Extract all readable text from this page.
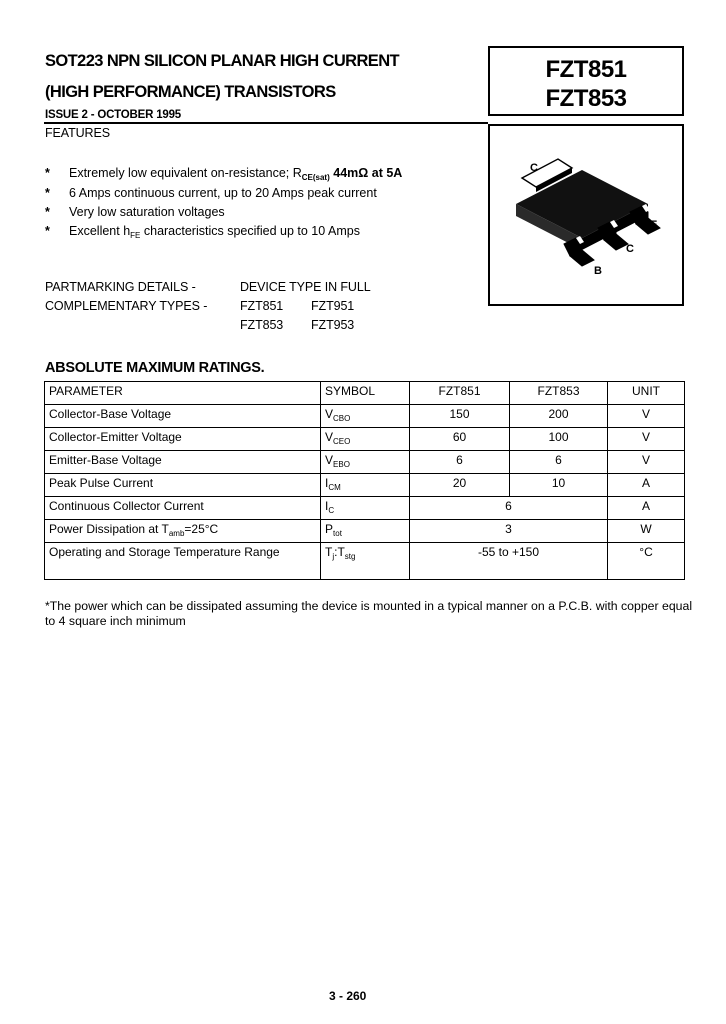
SOT223 NPN SILICON PLANAR HIGH CURRENT
(HIGH PERFORMANCE) TRANSISTORS
ISSUE 2 - OCTOBER 1995
FEATURES
FZT851
FZT853
* Extremely low equivalent on-resistance; $R_{CE(sat)}$ 44mΩ at 5A
* 6 Amps continuous current, up to 20 Amps peak current
* Very low saturation voltages
* Excellent $h_{FE}$ characteristics specified up to 10 Amps
C
E
C
B
PARTMARKING DETAILS -	DEVICE TYPE IN FULL
COMPLEMENTARY TYPES -	FZT851 FZT951
FZT853 FZT953
ABSOLUTE MAXIMUM RATINGS.
PARAMETER	SYMBOL	FZT851	FZT853	UNIT
Collector-Base Voltage	$V_{CBO}$	150	200	V
Collector-Emitter Voltage	$V_{CEO}$	60	100	V
Emitter-Base Voltage	$V_{EBO}$	6	6	V
Peak Pulse Current	$I_{CM}$	20	10	A
Continuous Collector Current	$I_C$	6		A
Power Dissipation at $T_{amb}=25^\circ C$	$P_{tot}$	3		W
Operating and Storage Temperature Range	$T_j:T_{stg}$	-55 to +150		°C
*The power which can be dissipated assuming the device is mounted in a typical manner on a P.C.B. with copper equal to 4 square inch minimum
3 - 260
